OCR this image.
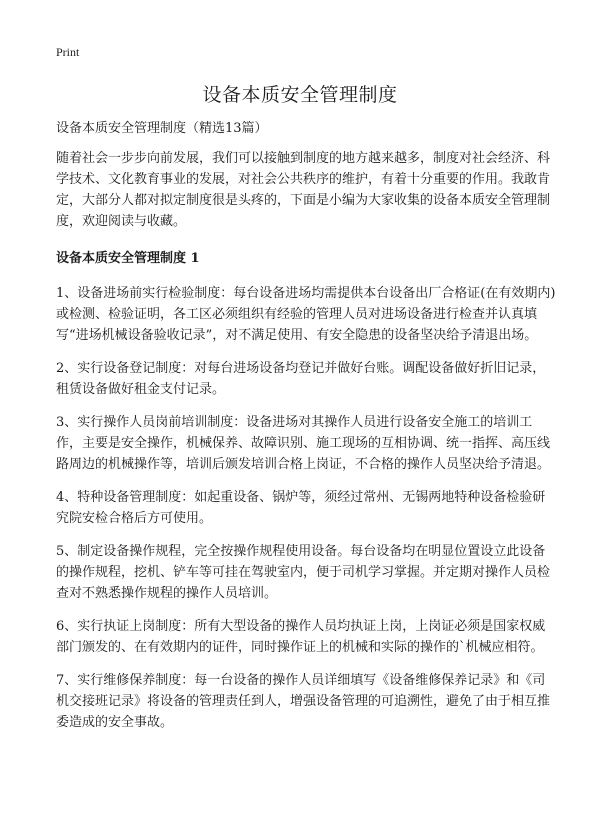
Print
设备本质安全管理制度

设备本质安全管理制度（精选13篇）

随着社会一步步向前发展，我们可以接触到制度的地方越来越多，制度对社会经济、科学技术、文化教育事业的发展，对社会公共秩序的维护，有着十分重要的作用。我敢肯定，大部分人都对拟定制度很是头疼的，下面是小编为大家收集的设备本质安全管理制度，欢迎阅读与收藏。

设备本质安全管理制度 1

1、设备进场前实行检验制度：每台设备进场均需提供本台设备出厂合格证(在有效期内)或检测、检验证明，各工区必须组织有经验的管理人员对进场设备进行检查并认真填写“进场机械设备验收记录”，对不满足使用、有安全隐患的设备坚决给予清退出场。

2、实行设备登记制度：对每台进场设备均登记并做好台账。调配设备做好折旧记录，租赁设备做好租金支付记录。

3、实行操作人员岗前培训制度：设备进场对其操作人员进行设备安全施工的培训工作，主要是安全操作，机械保养、故障识别、施工现场的互相协调、统一指挥、高压线路周边的机械操作等，培训后颁发培训合格上岗证，不合格的操作人员坚决给予清退。

4、特种设备管理制度：如起重设备、锅炉等，须经过常州、无锡两地特种设备检验研究院安检合格后方可使用。

5、制定设备操作规程，完全按操作规程使用设备。每台设备均在明显位置设立此设备的操作规程，挖机、铲车等可挂在驾驶室内，便于司机学习掌握。并定期对操作人员检查对不熟悉操作规程的操作人员培训。

6、实行执证上岗制度：所有大型设备的操作人员均执证上岗，上岗证必须是国家权威部门颁发的、在有效期内的证件，同时操作证上的机械和实际的操作的`机械应相符。

7、实行维修保养制度：每一台设备的操作人员详细填写《设备维修保养记录》和《司机交接班记录》将设备的管理责任到人，增强设备管理的可追溯性，避免了由于相互推委造成的安全事故。
